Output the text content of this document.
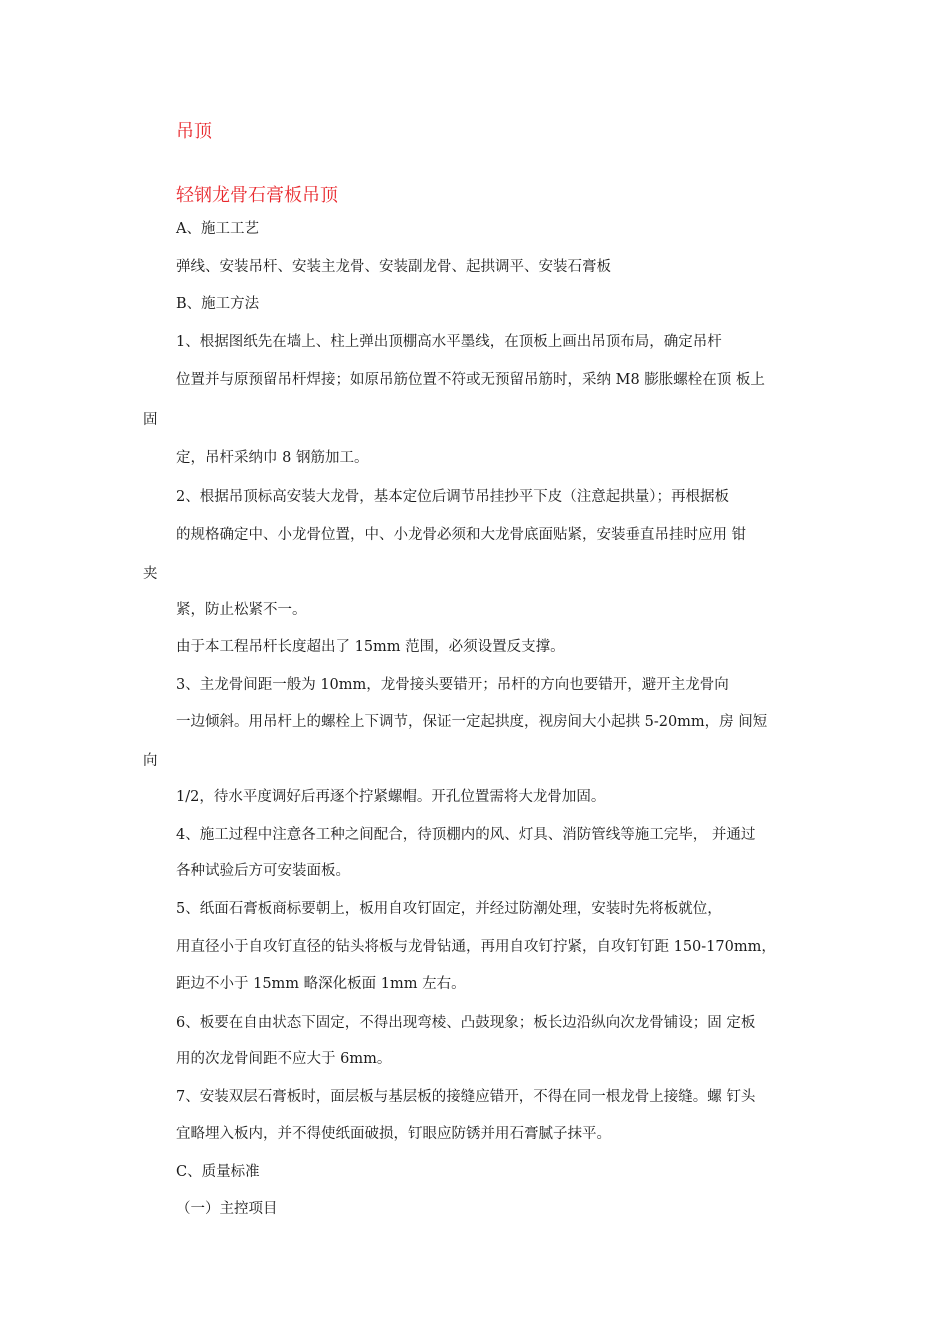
吊顶
轻钢龙骨石膏板吊顶

A、施工工艺

弹线、安装吊杆、安装主龙骨、安装副龙骨、起拱调平、安装石膏板

B、施工方法

1、根据图纸先在墙上、柱上弹出顶棚高水平墨线，在顶板上画出吊顶布局，确定吊杆

位置并与原预留吊杆焊接；如原吊筋位置不符或无预留吊筋时，采纳 M8 膨胀螺栓在顶 板上

固

定，吊杆采纳巾 8 钢筋加工。

2、根据吊顶标高安装大龙骨，基本定位后调节吊挂抄平下皮（注意起拱量）；再根据板

的规格确定中、小龙骨位置，中、小龙骨必须和大龙骨底面贴紧，安装垂直吊挂时应用 钳

夹

紧，防止松紧不一。

由于本工程吊杆长度超出了 15mm 范围，必须设置反支撑。

3、主龙骨间距一般为 10mm，龙骨接头要错开；吊杆的方向也要错开，避开主龙骨向

一边倾斜。用吊杆上的螺栓上下调节，保证一定起拱度，视房间大小起拱 5-20mm，房 间短

向

1/2，待水平度调好后再逐个拧紧螺帽。开孔位置需将大龙骨加固。

4、施工过程中注意各工种之间配合，待顶棚内的风、灯具、消防管线等施工完毕， 并通过

各种试验后方可安装面板。

5、纸面石膏板商标要朝上，板用自攻钉固定，并经过防潮处理，安装时先将板就位，

用直径小于自攻钉直径的钻头将板与龙骨钻通，再用自攻钉拧紧，自攻钉钉距 150-170mm，

距边不小于 15mm 略深化板面 1mm 左右。

6、板要在自由状态下固定，不得出现弯棱、凸鼓现象；板长边沿纵向次龙骨铺设；固 定板

用的次龙骨间距不应大于 6mm。

7、安装双层石膏板时，面层板与基层板的接缝应错开，不得在同一根龙骨上接缝。螺 钉头

宜略埋入板内，并不得使纸面破损，钉眼应防锈并用石膏腻子抹平。

C、质量标准

（一）主控项目
